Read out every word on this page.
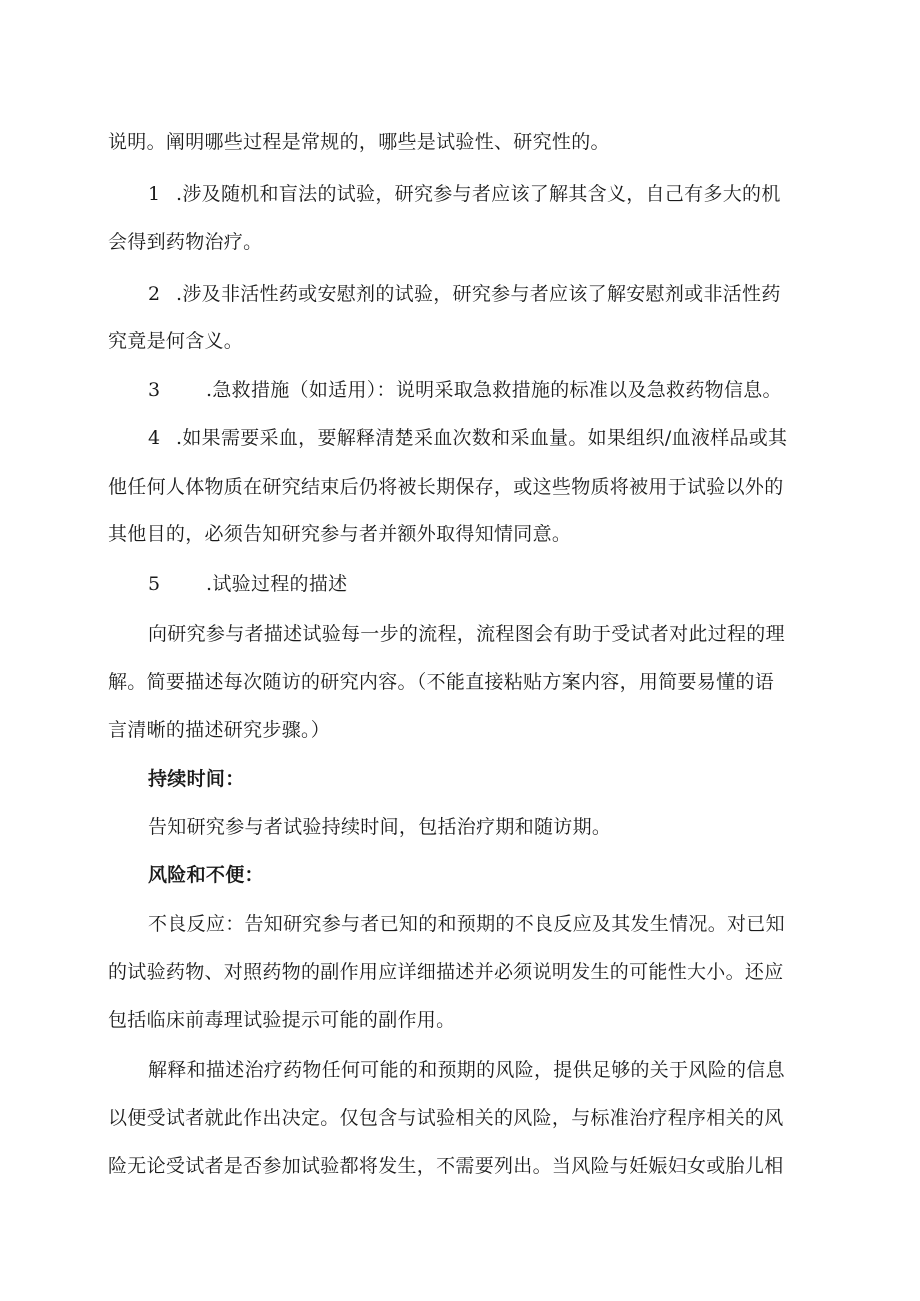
说明。阐明哪些过程是常规的，哪些是试验性、研究性的。
1 .涉及随机和盲法的试验，研究参与者应该了解其含义，自己有多大的机
会得到药物治疗。
2 .涉及非活性药或安慰剂的试验，研究参与者应该了解安慰剂或非活性药
究竟是何含义。
3 .急救措施（如适用）：说明采取急救措施的标准以及急救药物信息。
4 .如果需要采血，要解释清楚采血次数和采血量。如果组织/血液样品或其
他任何人体物质在研究结束后仍将被长期保存，或这些物质将被用于试验以外的
其他目的，必须告知研究参与者并额外取得知情同意。
5 .试验过程的描述
向研究参与者描述试验每一步的流程，流程图会有助于受试者对此过程的理
解。简要描述每次随访的研究内容。（不能直接粘贴方案内容，用简要易懂的语
言清晰的描述研究步骤。）
持续时间：
告知研究参与者试验持续时间，包括治疗期和随访期。
风险和不便：
不良反应：告知研究参与者已知的和预期的不良反应及其发生情况。对已知
的试验药物、对照药物的副作用应详细描述并必须说明发生的可能性大小。还应
包括临床前毒理试验提示可能的副作用。
解释和描述治疗药物任何可能的和预期的风险，提供足够的关于风险的信息
以便受试者就此作出决定。仅包含与试验相关的风险，与标准治疗程序相关的风
险无论受试者是否参加试验都将发生，不需要列出。当风险与妊娠妇女或胎儿相
